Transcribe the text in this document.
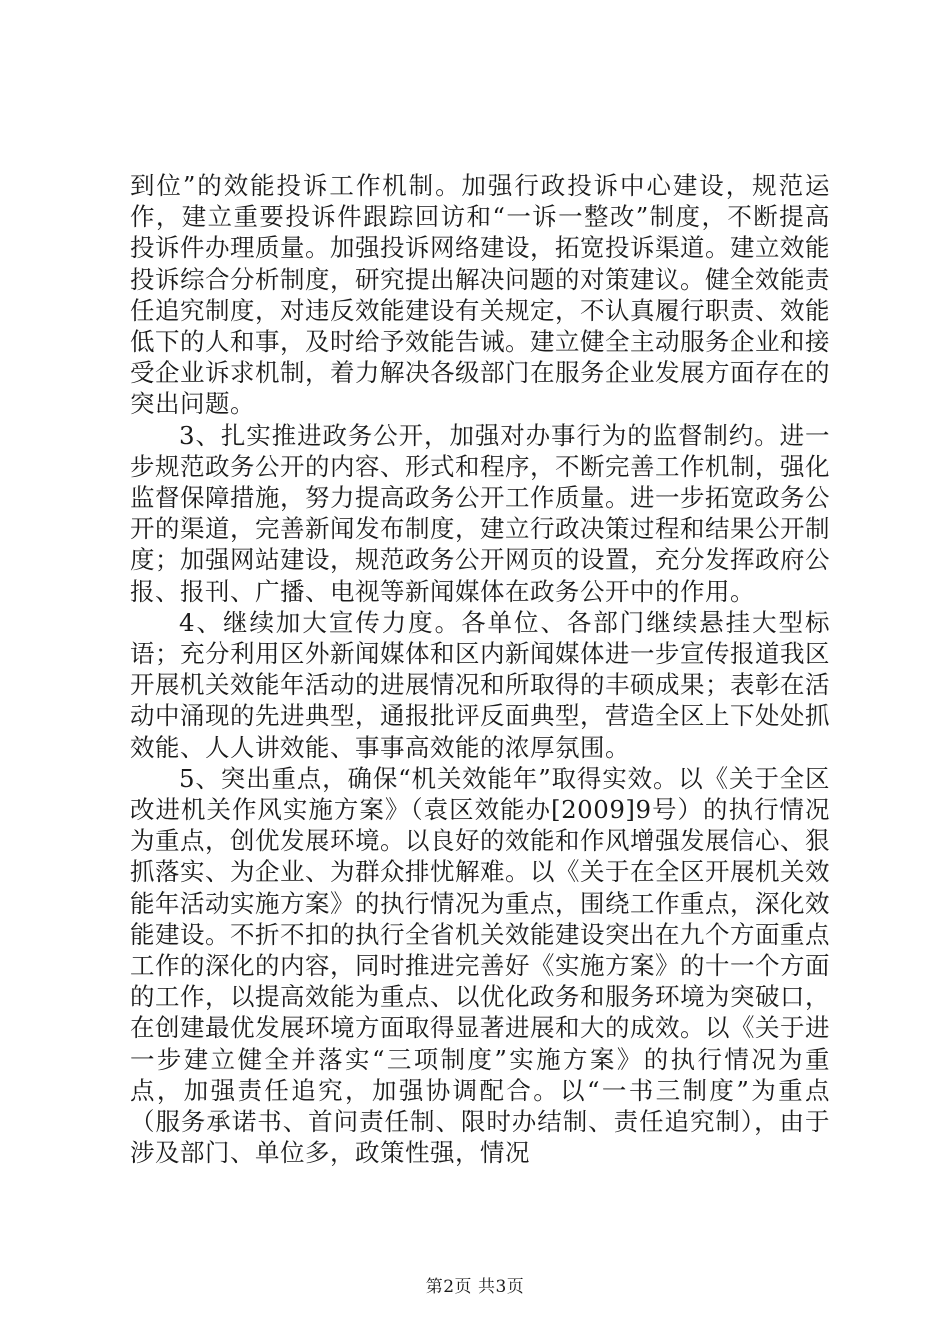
到位”的效能投诉工作机制。加强行政投诉中心建设，规范运作，建立重要投诉件跟踪回访和“一诉一整改”制度，不断提高投诉件办理质量。加强投诉网络建设，拓宽投诉渠道。建立效能投诉综合分析制度，研究提出解决问题的对策建议。健全效能责任追究制度，对违反效能建设有关规定，不认真履行职责、效能低下的人和事，及时给予效能告诫。建立健全主动服务企业和接受企业诉求机制，着力解决各级部门在服务企业发展方面存在的突出问题。

3、扎实推进政务公开，加强对办事行为的监督制约。进一步规范政务公开的内容、形式和程序，不断完善工作机制，强化监督保障措施，努力提高政务公开工作质量。进一步拓宽政务公开的渠道，完善新闻发布制度，建立行政决策过程和结果公开制度；加强网站建设，规范政务公开网页的设置，充分发挥政府公报、报刊、广播、电视等新闻媒体在政务公开中的作用。

4、继续加大宣传力度。各单位、各部门继续悬挂大型标语；充分利用区外新闻媒体和区内新闻媒体进一步宣传报道我区开展机关效能年活动的进展情况和所取得的丰硕成果；表彰在活动中涌现的先进典型，通报批评反面典型，营造全区上下处处抓效能、人人讲效能、事事高效能的浓厚氛围。

5、突出重点，确保“机关效能年”取得实效。以《关于全区改进机关作风实施方案》（袁区效能办[2009]9号）的执行情况为重点，创优发展环境。以良好的效能和作风增强发展信心、狠抓落实、为企业、为群众排忧解难。以《关于在全区开展机关效能年活动实施方案》的执行情况为重点，围绕工作重点，深化效能建设。不折不扣的执行全省机关效能建设突出在九个方面重点工作的深化的内容，同时推进完善好《实施方案》的十一个方面的工作，以提高效能为重点、以优化政务和服务环境为突破口，在创建最优发展环境方面取得显著进展和大的成效。以《关于进一步建立健全并落实“三项制度”实施方案》的执行情况为重点，加强责任追究，加强协调配合。以“一书三制度”为重点（服务承诺书、首问责任制、限时办结制、责任追究制），由于涉及部门、单位多，政策性强，情况

第2页 共3页
